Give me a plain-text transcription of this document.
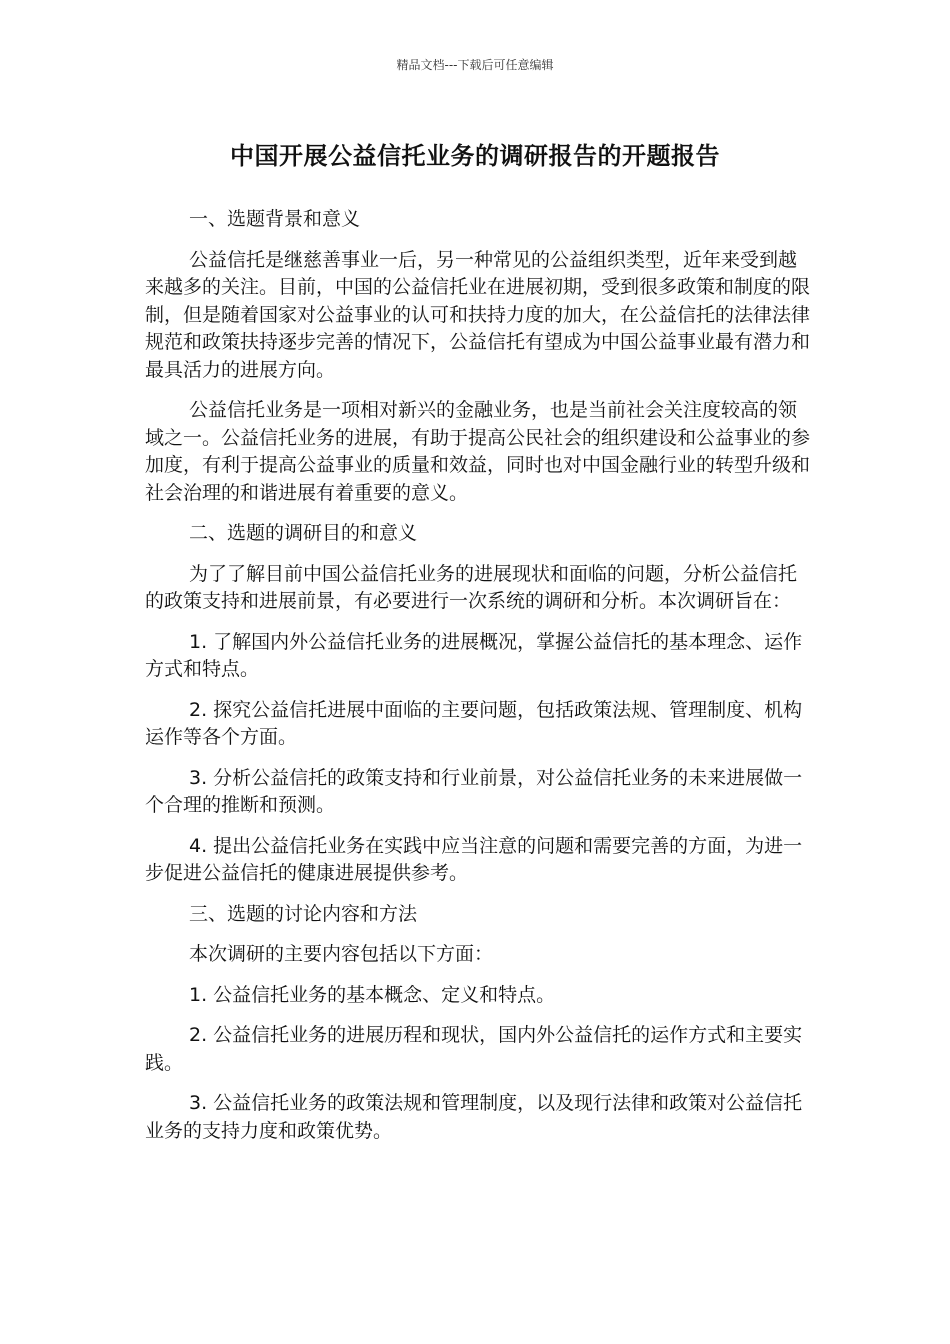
精品文档---下载后可任意编辑
中国开展公益信托业务的调研报告的开题报告

一、选题背景和意义

公益信托是继慈善事业一后，另一种常见的公益组织类型，近年来受到越来越多的关注。目前，中国的公益信托业在进展初期，受到很多政策和制度的限制，但是随着国家对公益事业的认可和扶持力度的加大，在公益信托的法律法律规范和政策扶持逐步完善的情况下，公益信托有望成为中国公益事业最有潜力和最具活力的进展方向。

公益信托业务是一项相对新兴的金融业务，也是当前社会关注度较高的领域之一。公益信托业务的进展，有助于提高公民社会的组织建设和公益事业的参加度，有利于提高公益事业的质量和效益，同时也对中国金融行业的转型升级和社会治理的和谐进展有着重要的意义。

二、选题的调研目的和意义

为了了解目前中国公益信托业务的进展现状和面临的问题，分析公益信托的政策支持和进展前景，有必要进行一次系统的调研和分析。本次调研旨在：

1. 了解国内外公益信托业务的进展概况，掌握公益信托的基本理念、运作方式和特点。

2. 探究公益信托进展中面临的主要问题，包括政策法规、管理制度、机构运作等各个方面。

3. 分析公益信托的政策支持和行业前景，对公益信托业务的未来进展做一个合理的推断和预测。

4. 提出公益信托业务在实践中应当注意的问题和需要完善的方面，为进一步促进公益信托的健康进展提供参考。

三、选题的讨论内容和方法

本次调研的主要内容包括以下方面：

1. 公益信托业务的基本概念、定义和特点。

2. 公益信托业务的进展历程和现状，国内外公益信托的运作方式和主要实践。

3. 公益信托业务的政策法规和管理制度，以及现行法律和政策对公益信托业务的支持力度和政策优势。
